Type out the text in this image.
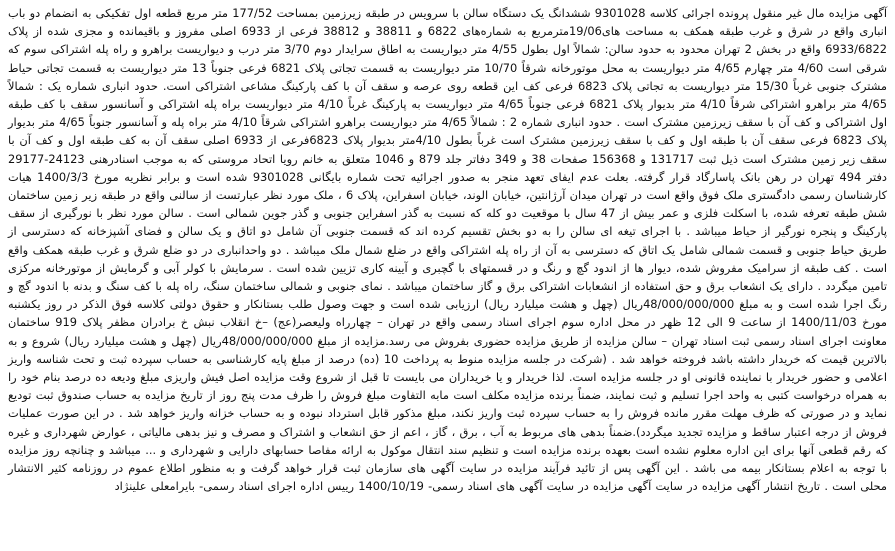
آگهی مزایده مال غیر منقول پرونده اجرائی کلاسه 9301028 ششدانگ یک دستگاه سالن با سرویس در طبقه زیرزمین بمساحت 177/52 متر مربع قطعه اول تفکیکی به انضمام دو باب انباری واقع در شرق و غرب طبقه همکف به مساحت های19/06مترمربع به شماره‌های 6822 و 38811 و 38812 فرعی از 6933 اصلی مفروز و باقیمانده و مجزی شده از پلاک 6933/6822 واقع در بخش 2 تهران محدود به حدود سالن: شمالاً اول بطول 4/55 متر دیواریست به اطاق سرایدار دوم 3/70 متر درب و دیواریست براهرو و راه پله اشتراکی سوم که شرقی است 4/60 متر چهارم 4/65 متر دیواریست به محل موتورخانه شرقاً 10/70 متر دیواریست به قسمت تجاتی پلاک 6821 فرعی جنوباً 13 متر دیواریست به قسمت تجاتی حیاط مشترک جنوبی غرباً 15/30 متر دیواریست به تجاتی پلاک 6823 فرعی کف این قطعه روی عرصه و سقف آن با کف پارکینگ مشاعی اشتراکی است. حدود انباری شماره یک : شمالاً 4/65 متر براهرو اشتراکی شرقاً 4/10 متر بدیوار پلاک 6821 فرعی جنوباً 4/65 متر دیواریست به پارکینگ غرباً 4/10 متر دیواریست براه پله اشتراکی و آسانسور سقف با کف طبقه اول اشتراکی و کف آن با سقف زیرزمین مشترک است . حدود انباری شماره 2 : شمالاً 4/65 متر دیواریست براهرو اشتراکی شرقاً 4/10 متر براه پله و آسانسور جنوباً 4/65 متر بدیوار پلاک 6823 فرعی سقف آن با طبقه اول و کف با سقف زیرزمین مشترک است غرباً بطول 4/10متر بدیوار پلاک 6823فرعی از 6933 اصلی سقف آن به کف طبقه اول و کف آن با سقف زیر زمین مشترک است ذیل ثبت 131717 و 156368 صفحات 38 و 349 دفاتر جلد 879 و 1046 متعلق به خانم رویا اتحاد مروستی که به موجب اسنادرهنی 24123-29177 دفتر 494 تهران در رهن بانک پاسارگاد قرار گرفته. بعلت عدم ایفای تعهد منجر به صدور اجرائیه تحت شماره بایگانی 9301028 شده است و برابر نظریه مورخ 1400/3/3 هیات کارشناسان رسمی دادگستری ملک فوق واقع است در تهران میدان آرژانتین، خیابان الوند، خیابان اسفراین، پلاک 6 ، ملک مورد نظر عبارتست از سالنی واقع در طبقه زیر زمین ساختمان شش طبقه تعرفه شده، با اسکلت فلزی و عمر بیش از 47 سال با موقعیت دو کله که نسبت به گذر اسفراین جنوبی و گذر جوین شمالی است . سالن مورد نظر با نورگیری از سقف پارکینگ و پنجره نورگیر از حیاط میباشد . با اجرای تیغه ای سالن را به دو بخش تقسیم کرده اند که قسمت جنوبی آن شامل دو اتاق و یک سالن و فضای آشپزخانه که دسترسی از طریق حیاط جنوبی و قسمت شمالی شامل یک اتاق که دسترسی به آن از راه پله اشتراکی واقع در ضلع شمال ملک میباشد . دو واحدانباری در دو ضلع شرق و غرب طبقه همکف واقع است . کف طبقه از سرامیک مفروش شده، دیوار ها از اندود گچ و رنگ و در قسمتهای با گچبری و آیینه کاری تزیین شده است . سرمایش با کولر آبی و گرمایش از موتورخانه مرکزی تامین میگردد . دارای یک انشعاب برق و حق استفاده از انشعابات اشتراکی برق و گاز ساختمان میباشد . نمای جنوبی و شمالی ساختمان سنگ، راه پله با کف سنگ و بدنه با اندود گچ و رنگ اجرا شده است و به مبلغ 48/000/000/000ریال (چهل و هشت میلیارد ریال) ارزیابی شده است و جهت وصول طلب بستانکار و حقوق دولتی کلاسه فوق الذکر در روز یکشنبه مورخ 1400/11/03 از ساعت 9 الی 12 ظهر در محل اداره سوم اجرای اسناد رسمی واقع در تهران – چهارراه ولیعصر(عج) –خ انقلاب نبش خ برادران مظفر پلاک 919 ساختمان معاونت اجرای اسناد رسمی ثبت اسناد تهران – سالن مزایده از طریق مزایده حضوری بفروش می رسد.مزایده از مبلغ 48/000/000/000ریال (چهل و هشت میلیارد ریال) شروع و به بالاترین قیمت که خریدار داشته باشد فروخته خواهد شد . (شرکت در جلسه مزایده منوط به پرداخت 10 (ده) درصد از مبلغ پایه کارشناسی به حساب سپرده ثبت و تحت شناسه واریز اعلامی و حضور خریدار با نماینده قانونی او در جلسه مزایده است. لذا خریدار و یا خریداران می بایست تا قبل از شروع وقت مزایده اصل فیش واریزی مبلغ ودیعه ده درصد بنام خود را به همراه درخواست کتبی به واحد اجرا تسلیم و ثبت نمایند، ضمناً برنده مزایده مکلف است مابه التفاوت مبلغ فروش را ظرف مدت پنج روز از تاریخ مزایده به حساب صندوق ثبت تودیع نماید و در صورتی که ظرف مهلت مقرر مانده فروش را به حساب سپرده ثبت واریز نکند، مبلغ مذکور قابل استرداد نبوده و به حساب خزانه واریز خواهد شد . در این صورت عملیات فروش از درجه اعتبار ساقط و مزایده تجدید میگردد).ضمناً بدهی های مربوط به آب ، برق ، گاز ، اعم از حق انشعاب و اشتراک و مصرف و نیز بدهی مالیاتی ، عوارض شهرداری و غیره که رقم قطعی آنها برای این اداره معلوم نشده است بعهده برنده مزایده است و تنظیم سند انتقال موکول به ارائه مفاصا حسابهای دارایی و شهرداری و ... میباشد و چنانچه روز مزایده با توجه به اعلام بستانکار بیمه می باشد . این آگهی پس از تائید فرآیند مزایده در سایت آگهی های سازمان ثبت قرار خواهد گرفت و به منظور اطلاع عموم در روزنامه کثیر الانتشار محلی است . تاریخ انتشار آگهی مزایده در سایت آگهی مزایده در سایت آگهی های اسناد رسمی- 1400/10/19 رییس اداره اجرای اسناد رسمی- بایرامعلی علینژاد
